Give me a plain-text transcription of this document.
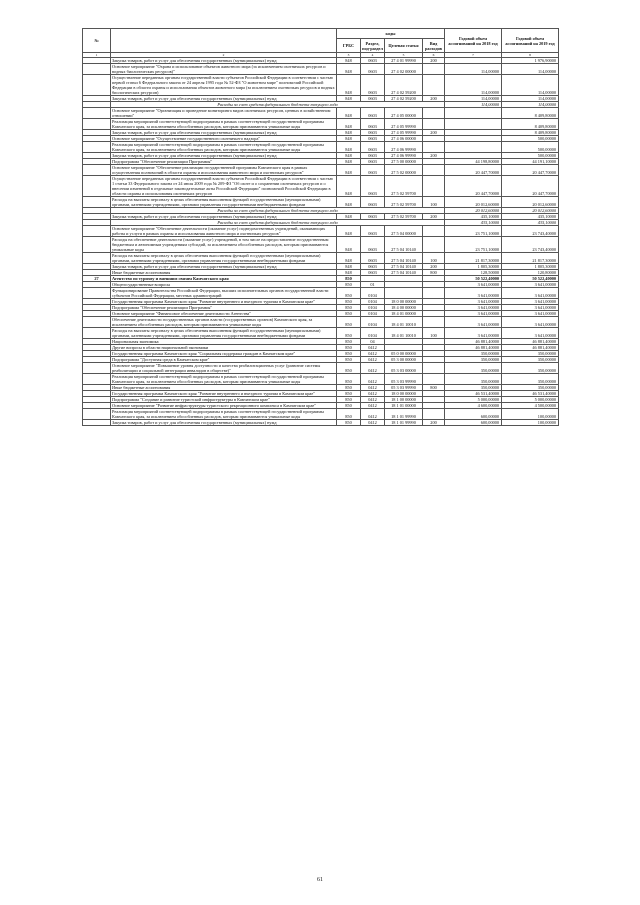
№		коды				Годовой объем ассигнований на 2018 год	Годовой объем ассигнований на 2019 год
		ГРБС	Раздел, под-раздел	Целевая статья	Вид расходов		
1	2	3	4	5	6	7	8
	Закупка товаров, работ и услуг для обеспечения государственных (муниципальных) нужд	848	0603	27 4 01 99990	200		1 976,90000
	Основное мероприятие "Охрана и использование объектов животного мира (за исключением охотничьих ресурсов и водных биологических ресурсов)"	848	0603	27 4 02 00000		114,00000	114,00000
	Осуществление переданных органам государственной власти субъектов Российской Федерации в соответствии с частью первой статьи 6 Федерального закона от 24 апреля 1995 года № 52-ФЗ "О животном мире" полномочий Российской Федерации в области охраны и использования объектов животного мира (за исключением охотничьих ресурсов и водных биологических ресурсов)	848	0603	27 4 02 59200		114,00000	114,00000
	Закупка товаров, работ и услуг для обеспечения государственных (муниципальных) нужд	848	0603	27 4 02 59200	200	114,00000	114,00000
	Расходы за счет средств федерального бюджета текущего года					114,00000	114,00000
	Основное мероприятие "Организация и проведение мониторинга видов охотничьих ресурсов, ценных в хозяйственном отношении"	848	0603	27 4 05 00000			8 409,80000
	Реализация мероприятий соответствующей подпрограммы в рамках соответствующей государственной программы Камчатского края, за исключением обособленных расходов, которым присваиваются уникальные коды	848	0603	27 4 05 99990			8 409,80000
	Закупка товаров, работ и услуг для обеспечения государственных (муниципальных) нужд	848	0603	27 4 05 99990	200		8 409,80000
	Основное мероприятие "Осуществление государственного охотничьего надзора"	848	0603	27 4 06 00000			500,00000
	Реализация мероприятий соответствующей подпрограммы в рамках соответствующей государственной программы Камчатского края, за исключением обособленных расходов, которым присваиваются уникальные коды	848	0603	27 4 06 99990			500,00000
	Закупка товаров, работ и услуг для обеспечения государственных (муниципальных) нужд	848	0603	27 4 06 99990	200		500,00000
	Подпрограмма "Обеспечение реализации Программы"	848	0603	27 5 00 00000		44 198,80000	44 191,10000
	Основное мероприятие "Обеспечение реализации государственной программы Камчатского края в рамках осуществления полномочий в области охраны и использования животного мира и охотничьих ресурсов"	848	0603	27 5 02 00000		20 447,70000	20 447,70000
	Осуществление переданных органам государственной власти субъектов Российской Федерации в соответствии с частью 1 статьи 33 Федерального закона от 24 июля 2009 года № 209-ФЗ "Об охоте и о сохранении охотничьих ресурсов и о внесении изменений в отдельные законодательные акты Российской Федерации" полномочий Российской Федерации в области охраны и использования охотничьих ресурсов	848	0603	27 5 02 59700		20 447,70000	20 447,70000
	Расходы на выплаты персоналу в целях обеспечения выполнения функций государственными (муниципальными) органами, казенными учреждениями, органами управления государственными внебюджетными фондами	848	0603	27 5 02 59700	100	20 012,60000	20 012,60000
	Расходы за счет средств федерального бюджета текущего года					20 012,60000	20 012,60000
	Закупка товаров, работ и услуг для обеспечения государственных (муниципальных) нужд	848	0603	27 5 02 59700	200	435,10000	435,10000
	Расходы за счет средств федерального бюджета текущего года					435,10000	435,10000
	Основное мероприятие "Обеспечение деятельности (оказание услуг) подведомственных учреждений, оказывающих работы и услуги в рамках охраны и использования животного мира и охотничьих ресурсов"	848	0603	27 5 04 00000		23 751,10000	23 743,40000
	Расходы на обеспечение деятельности (оказание услуг) учреждений, в том числе на предоставление государственным бюджетным и автономным учреждениям субсидий, за исключением обособленных расходов, которым присваиваются уникальные коды	848	0603	27 5 04 10140		23 751,10000	23 743,40000
	Расходы на выплаты персоналу в целях обеспечения выполнения функций государственными (муниципальными) органами, казенными учреждениями, органами управления государственными внебюджетными фондами	848	0603	27 5 04 10140	100	21 817,30000	21 817,30000
	Закупка товаров, работ и услуг для обеспечения государственных (муниципальных) нужд	848	0603	27 5 04 10140	200	1 805,30000	1 805,30000
	Иные бюджетные ассигнования	848	0603	27 5 04 10140	800	128,50000	120,80000
27	Агентство по туризму и внешним связям Камчатского края	850				50 522,40000	50 522,40000
	Общегосударственные вопросы	850	01			3 641,00000	3 641,00000
	Функционирование Правительства Российской Федерации, высших исполнительных органов государственной власти субъектов Российской Федерации, местных администраций	850	0104			3 641,00000	3 641,00000
	Государственная программа Камчатского края "Развитие внутреннего и въездного туризма в Камчатском крае"	850	0104	18 0 00 00000		3 641,00000	3 641,00000
	Подпрограмма "Обеспечение реализации Программы"	850	0104	18 4 00 00000		3 641,00000	3 641,00000
	Основное мероприятие "Финансовое обеспечение деятельности Агентства"	850	0104	18 4 01 00000		3 641,00000	3 641,00000
	Обеспечение деятельности государственных органов власти (государственных органов) Камчатского края, за исключением обособленных расходов, которым присваиваются уникальные коды	850	0104	18 4 01 10010		3 641,00000	3 641,00000
	Расходы на выплаты персоналу в целях обеспечения выполнения функций государственными (муниципальными) органами, казенными учреждениями, органами управления государственными внебюджетными фондами	850	0104	18 4 01 10010	100	3 641,00000	3 641,00000
	Национальная экономика	850	04			46 881,40000	46 881,40000
	Другие вопросы в области национальной экономики	850	0412			46 881,40000	46 881,40000
	Государственная программа Камчатского края "Социальная поддержка граждан в Камчатском крае"	850	0412	05 0 00 00000		350,00000	350,00000
	Подпрограмма "Доступная среда в Камчатском крае"	850	0412	05 3 00 00000		350,00000	350,00000
	Основное мероприятие "Повышение уровня доступности и качества реабилитационных услуг (развитие системы реабилитации и социальной интеграции инвалидов в обществе)"	850	0412	05 3 03 00000		350,00000	350,00000
	Реализация мероприятий соответствующей подпрограммы в рамках соответствующей государственной программы Камчатского края, за исключением обособленных расходов, которым присваиваются уникальные коды	850	0412	05 3 03 99990		350,00000	350,00000
	Иные бюджетные ассигнования	850	0412	05 3 03 99990	800	350,00000	350,00000
	Государственная программа Камчатского края "Развитие внутреннего и въездного туризма в Камчатском крае"	850	0412	18 0 00 00000		46 531,40000	46 531,40000
	Подпрограмма "Создание и развитие туристской инфраструктуры в Камчатском крае"	850	0412	18 1 00 00000		5 000,00000	5 000,00000
	Основное мероприятие "Развитие инфраструктуры туристского рекреационного комплекса в Камчатском крае"	850	0412	18 1 01 00000		4 600,00000	4 500,00000
	Реализация мероприятий соответствующей подпрограммы в рамках соответствующей государственной программы Камчатского края, за исключением обособленных расходов, которым присваиваются уникальные коды	850	0412	18 1 01 99990		600,00000	100,00000
	Закупка товаров, работ и услуг для обеспечения государственных (муниципальных) нужд	850	0412	18 1 01 99990	200	600,00000	100,00000
61
